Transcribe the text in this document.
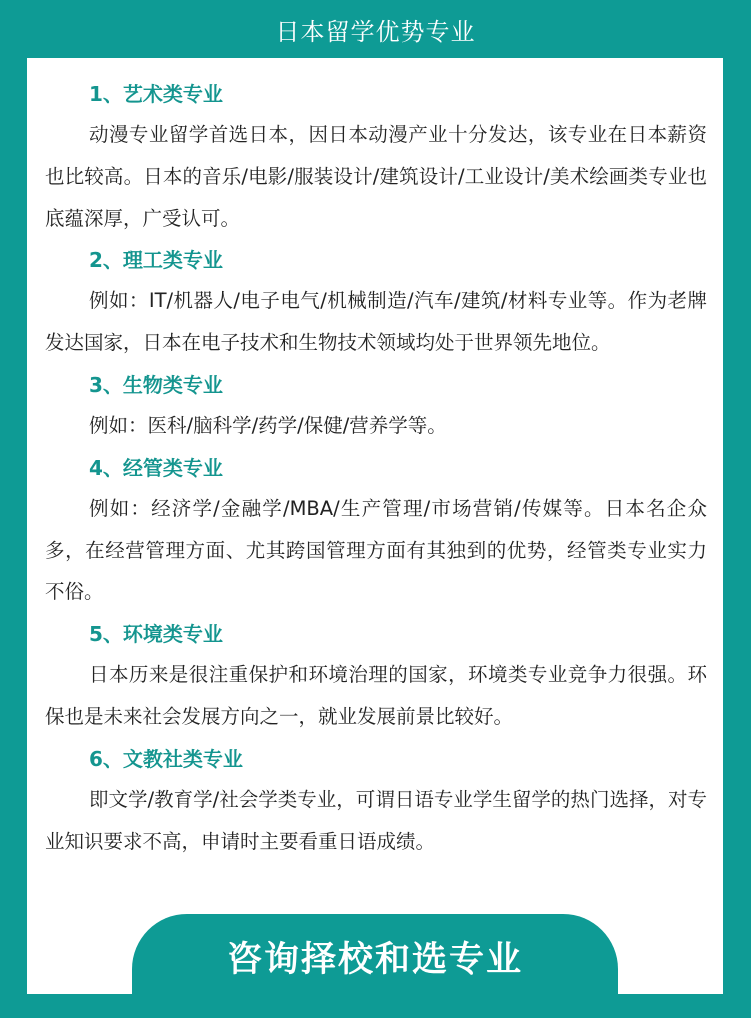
日本留学优势专业

1、艺术类专业

动漫专业留学首选日本，因日本动漫产业十分发达，该专业在日本薪资也比较高。日本的音乐/电影/服装设计/建筑设计/工业设计/美术绘画类专业也底蕴深厚，广受认可。

2、理工类专业

例如：IT/机器人/电子电气/机械制造/汽车/建筑/材料专业等。作为老牌发达国家，日本在电子技术和生物技术领域均处于世界领先地位。

3、生物类专业

例如：医科/脑科学/药学/保健/营养学等。

4、经管类专业

例如：经济学/金融学/MBA/生产管理/市场营销/传媒等。日本名企众多，在经营管理方面、尤其跨国管理方面有其独到的优势，经管类专业实力不俗。

5、环境类专业

日本历来是很注重保护和环境治理的国家，环境类专业竞争力很强。环保也是未来社会发展方向之一，就业发展前景比较好。

6、文教社类专业

即文学/教育学/社会学类专业，可谓日语专业学生留学的热门选择，对专业知识要求不高，申请时主要看重日语成绩。

咨询择校和选专业
